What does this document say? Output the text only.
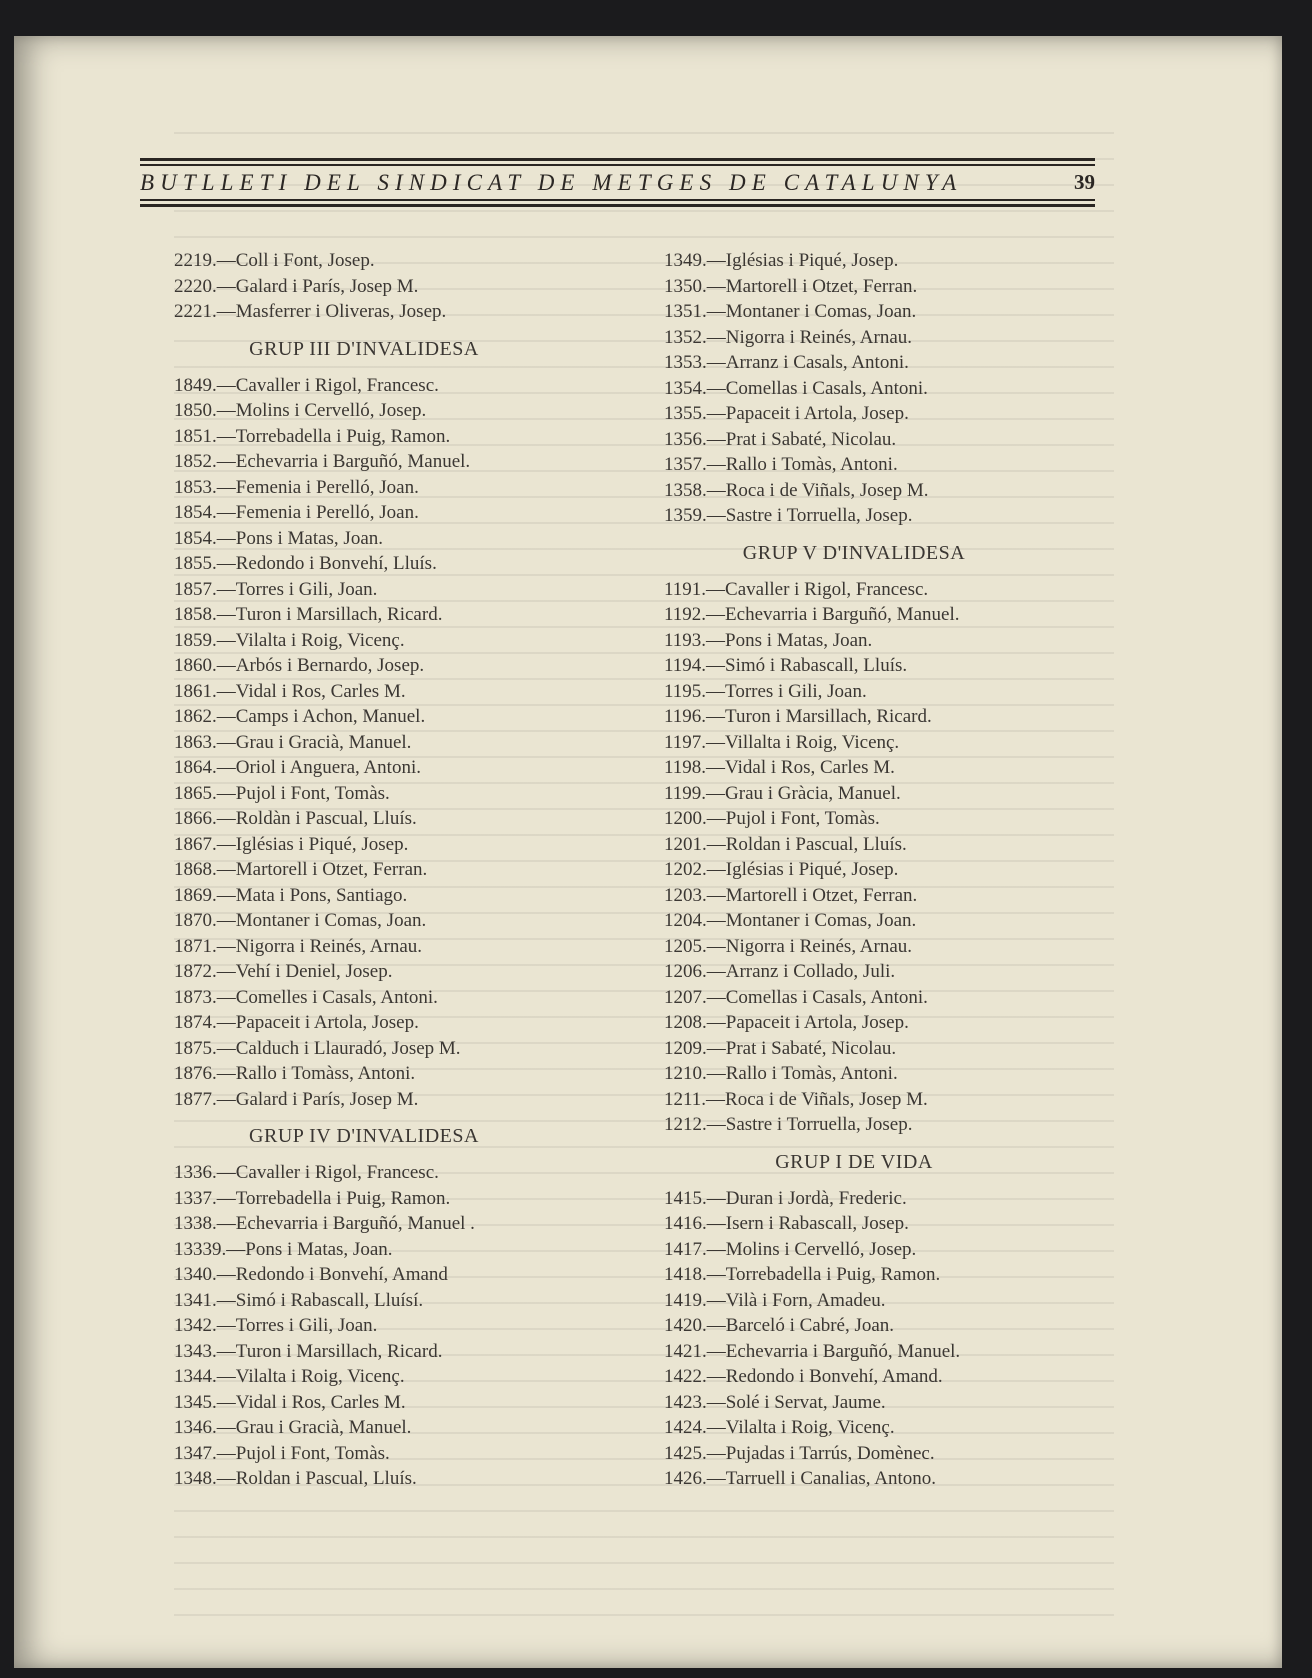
BUTLLETI DEL SINDICAT DE METGES DE CATALUNYA	39
2219.—Coll i Font, Josep.
2220.—Galard i París, Josep M.
2221.—Masferrer i Oliveras, Josep.
GRUP III D'INVALIDESA
1849.—Cavaller i Rigol, Francesc.
1850.—Molins i Cervelló, Josep.
1851.—Torrebadella i Puig, Ramon.
1852.—Echevarria i Barguñó, Manuel.
1853.—Femenia i Perelló, Joan.
1854.—Femenia i Perelló, Joan.
1854.—Pons i Matas, Joan.
1855.—Redondo i Bonvehí, Lluís.
1857.—Torres i Gili, Joan.
1858.—Turon i Marsillach, Ricard.
1859.—Vilalta i Roig, Vicenç.
1860.—Arbós i Bernardo, Josep.
1861.—Vidal i Ros, Carles M.
1862.—Camps i Achon, Manuel.
1863.—Grau i Gracià, Manuel.
1864.—Oriol i Anguera, Antoni.
1865.—Pujol i Font, Tomàs.
1866.—Roldàn i Pascual, Lluís.
1867.—Iglésias i Piqué, Josep.
1868.—Martorell i Otzet, Ferran.
1869.—Mata i Pons, Santiago.
1870.—Montaner i Comas, Joan.
1871.—Nigorra i Reinés, Arnau.
1872.—Vehí i Deniel, Josep.
1873.—Comelles i Casals, Antoni.
1874.—Papaceit i Artola, Josep.
1875.—Calduch i Llauradó, Josep M.
1876.—Rallo i Tomàss, Antoni.
1877.—Galard i París, Josep M.
GRUP IV D'INVALIDESA
1336.—Cavaller i Rigol, Francesc.
1337.—Torrebadella i Puig, Ramon.
1338.—Echevarria i Barguñó, Manuel .
13339.—Pons i Matas, Joan.
1340.—Redondo i Bonvehí, Amand
1341.—Simó i Rabascall, Lluísí.
1342.—Torres i Gili, Joan.
1343.—Turon i Marsillach, Ricard.
1344.—Vilalta i Roig, Vicenç.
1345.—Vidal i Ros, Carles M.
1346.—Grau i Gracià, Manuel.
1347.—Pujol i Font, Tomàs.
1348.—Roldan i Pascual, Lluís.
1349.—Iglésias i Piqué, Josep.
1350.—Martorell i Otzet, Ferran.
1351.—Montaner i Comas, Joan.
1352.—Nigorra i Reinés, Arnau.
1353.—Arranz i Casals, Antoni.
1354.—Comellas i Casals, Antoni.
1355.—Papaceit i Artola, Josep.
1356.—Prat i Sabaté, Nicolau.
1357.—Rallo i Tomàs, Antoni.
1358.—Roca i de Viñals, Josep M.
1359.—Sastre i Torruella, Josep.
GRUP V D'INVALIDESA
1191.—Cavaller i Rigol, Francesc.
1192.—Echevarria i Barguñó, Manuel.
1193.—Pons i Matas, Joan.
1194.—Simó i Rabascall, Lluís.
1195.—Torres i Gili, Joan.
1196.—Turon i Marsillach, Ricard.
1197.—Villalta i Roig, Vicenç.
1198.—Vidal i Ros, Carles M.
1199.—Grau i Gràcia, Manuel.
1200.—Pujol i Font, Tomàs.
1201.—Roldan i Pascual, Lluís.
1202.—Iglésias i Piqué, Josep.
1203.—Martorell i Otzet, Ferran.
1204.—Montaner i Comas, Joan.
1205.—Nigorra i Reinés, Arnau.
1206.—Arranz i Collado, Juli.
1207.—Comellas i Casals, Antoni.
1208.—Papaceit i Artola, Josep.
1209.—Prat i Sabaté, Nicolau.
1210.—Rallo i Tomàs, Antoni.
1211.—Roca i de Viñals, Josep M.
1212.—Sastre i Torruella, Josep.
GRUP I DE VIDA
1415.—Duran i Jordà, Frederic.
1416.—Isern i Rabascall, Josep.
1417.—Molins i Cervelló, Josep.
1418.—Torrebadella i Puig, Ramon.
1419.—Vilà i Forn, Amadeu.
1420.—Barceló i Cabré, Joan.
1421.—Echevarria i Barguñó, Manuel.
1422.—Redondo i Bonvehí, Amand.
1423.—Solé i Servat, Jaume.
1424.—Vilalta i Roig, Vicenç.
1425.—Pujadas i Tarrús, Domènec.
1426.—Tarruell i Canalias, Antono.
